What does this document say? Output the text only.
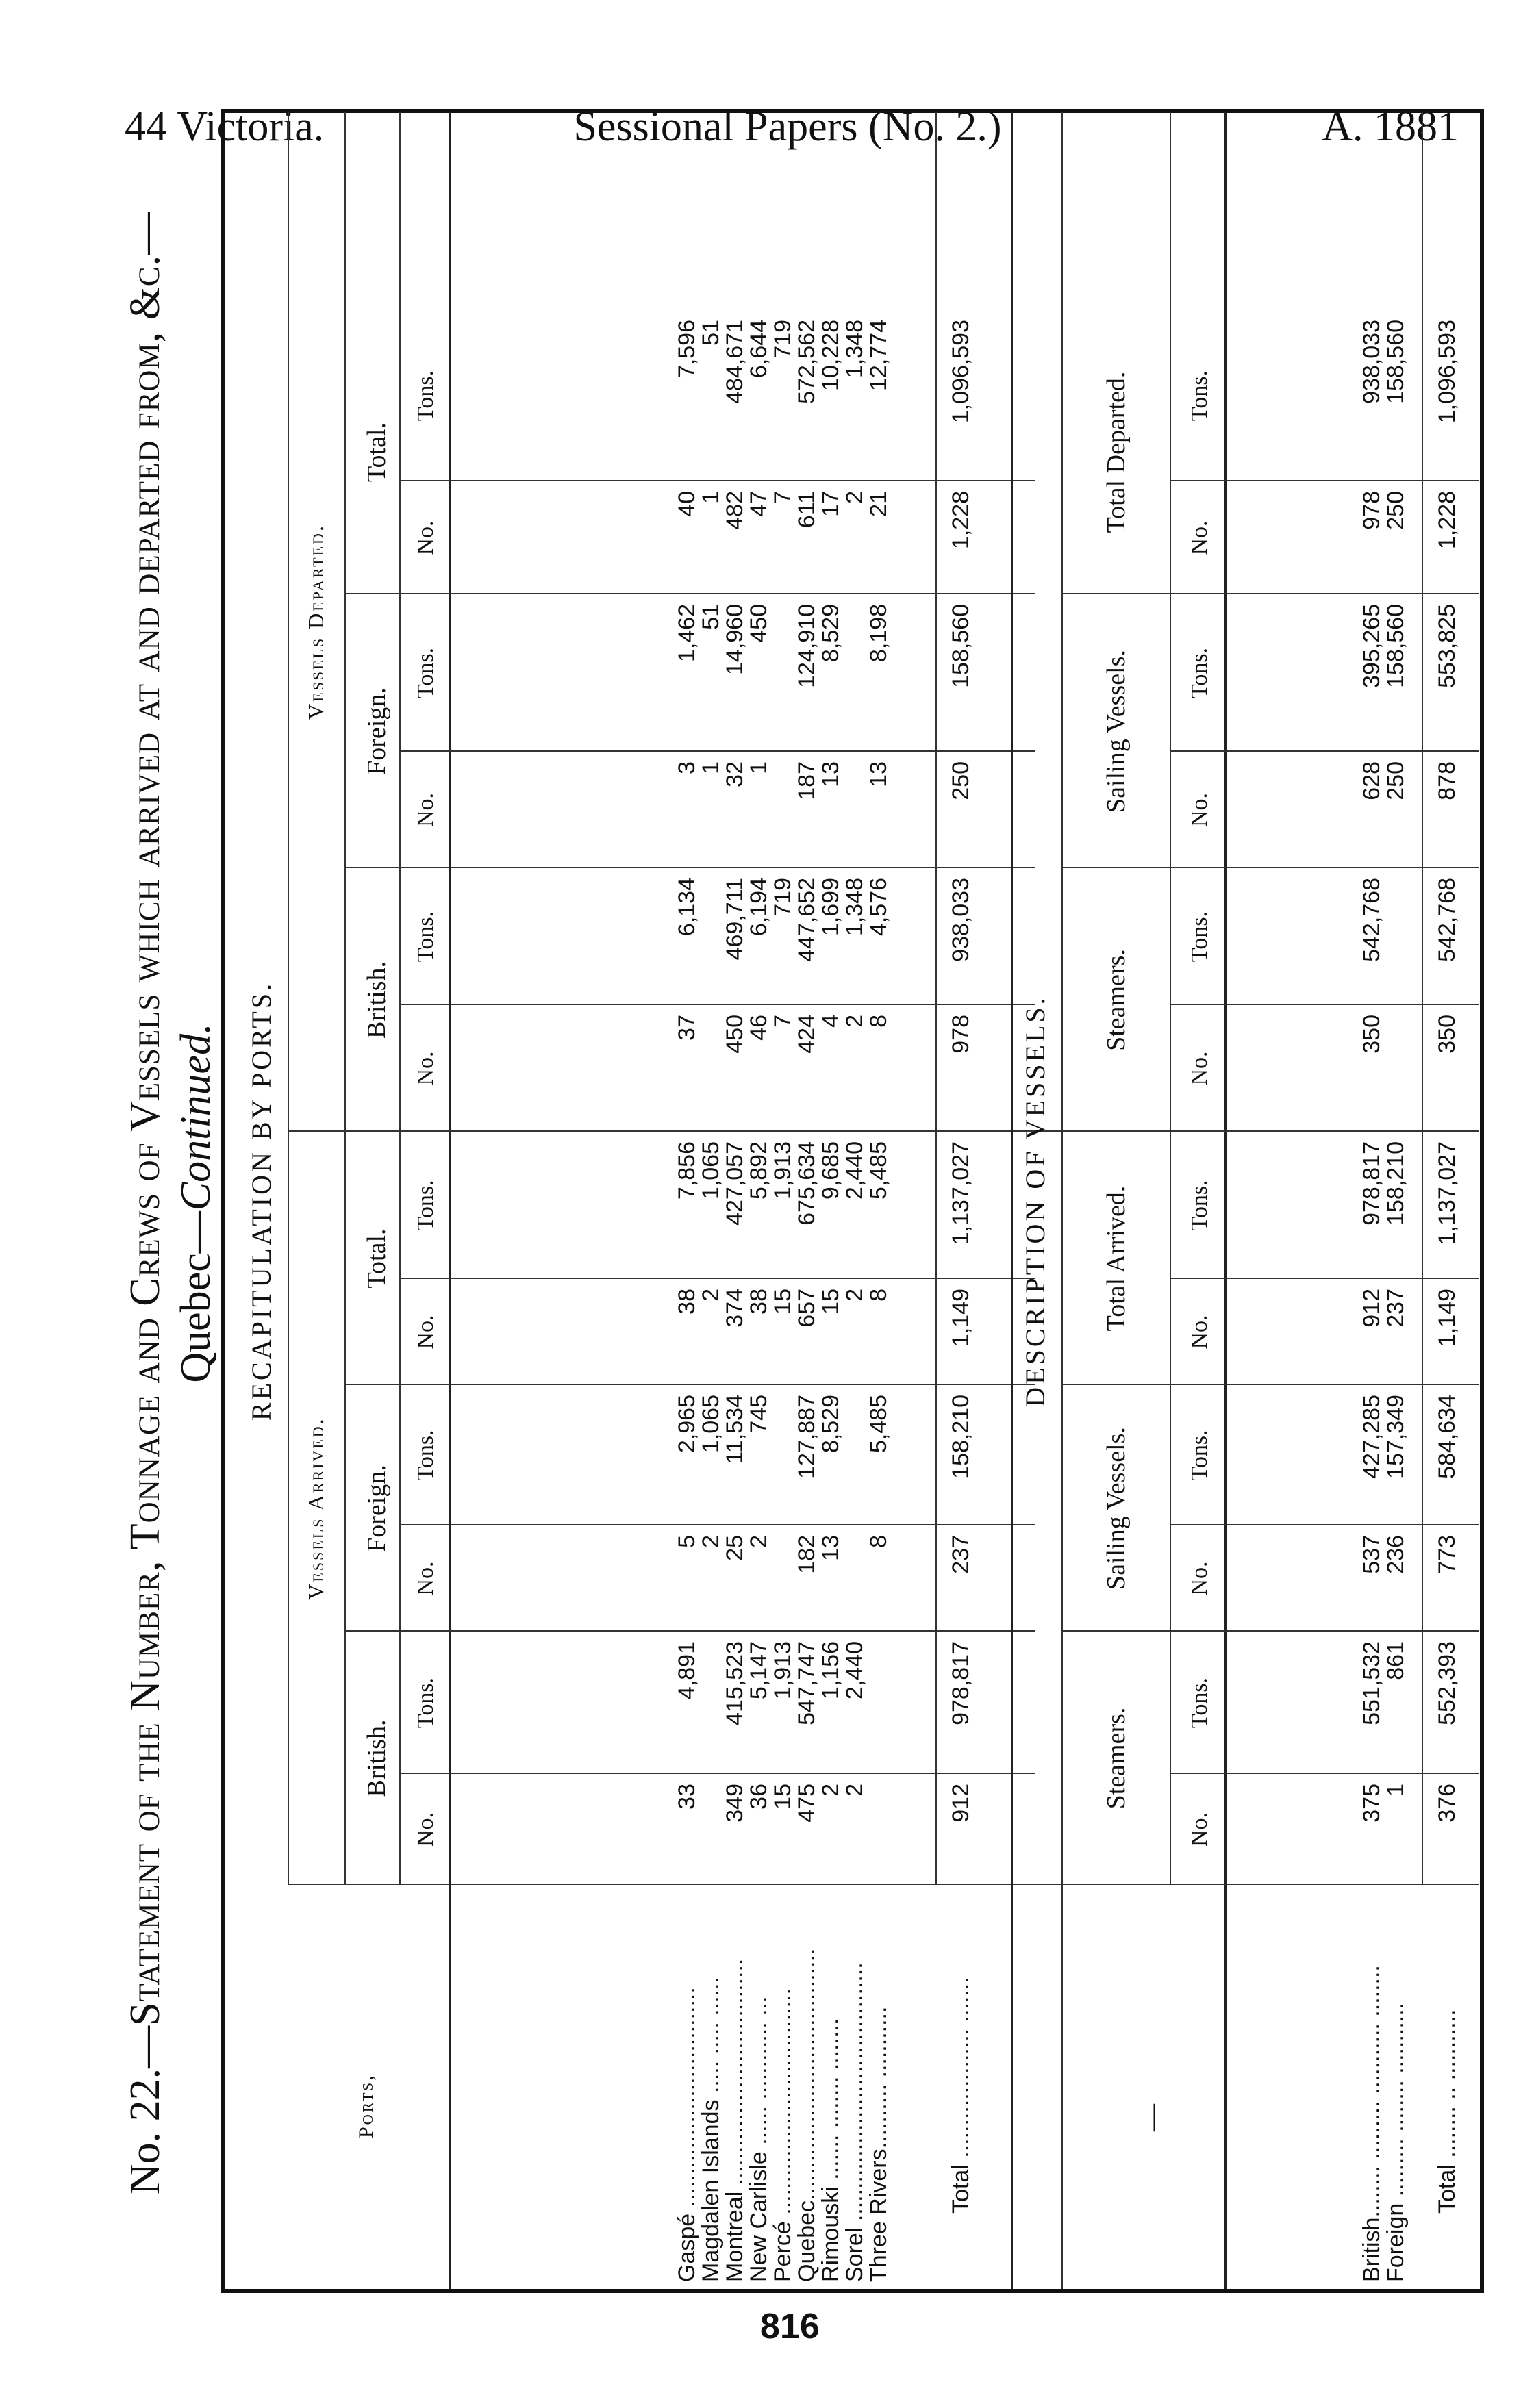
44 Victoria.	Sessional Papers (No. 2.)	A. 1881
No. 22.—Statement of the Number, Tonnage and Crews of Vessels which arrived at and departed from, &c.— Quebec—Continued. RECAPITULATION BY PORTS.
Ports,
Vessels Arrived.
Vessels Departed.
British.
Foreign.
Total.
British.
Foreign.
Total.
No.
Tons.
No.
Tons.
No.
Tons.
No.
Tons.
No.
Tons.
No.
Tons.
Gaspé ..................................
33
4,891
5
2,965
38
7,856
37
6,134
3
1,462
40
7,596
Magdalen Islands ..... ..... ......
2
1,065
2
1,065
1
51
1
51
Montreal ...................................
349
415,523
25
11,534
374
427,057
450
469,711
32
14,960
482
484,671
New Carlisle ...... ............ ...
36
5,147
2
745
38
5,892
46
6,194
1
450
47
6,644
Percé ...................................
15
1,913
15
1,913
7
719
7
719
Quebec.......................................
475
547,747
182
127,887
657
675,634
424
447,652
187
124,910
611
572,562
Rimouski ....... ........ ........
2
1,156
13
8,529
15
9,685
4
1,699
13
8,529
17
10,228
Sorel ........................................
2
2,440
2
2,440
2
1,348
2
1,348
Three Rivers.......... ...........
8
5,485
8
5,485
8
4,576
13
8,198
21
12,774
Total .................... .......
912
978,817
237
158,210
1,149
1,137,027
978
938,033
250
158,560
1,228
1,096,593
DESCRIPTION OF VESSELS.
—
Steamers.
Sailing Vessels.
Total Arrived.
Steamers.
Sailing Vessels.
Total Departed.
No.
Tons.
No.
Tons.
No.
Tons.
No.
Tons.
No.
Tons.
No.
Tons.
British........ ......... ........... ........
375
551,532
537
427,285
912
978,817
350
542,768
628
395,265
978
938,033
Foreign ......... ........ ...........
1
861
236
157,349
237
158,210
250
158,560
250
158,560
Total ........ .. ...........
376
552,393
773
584,634
1,149
1,137,027
350
542,768
878
553,825
1,228
1,096,593
816
